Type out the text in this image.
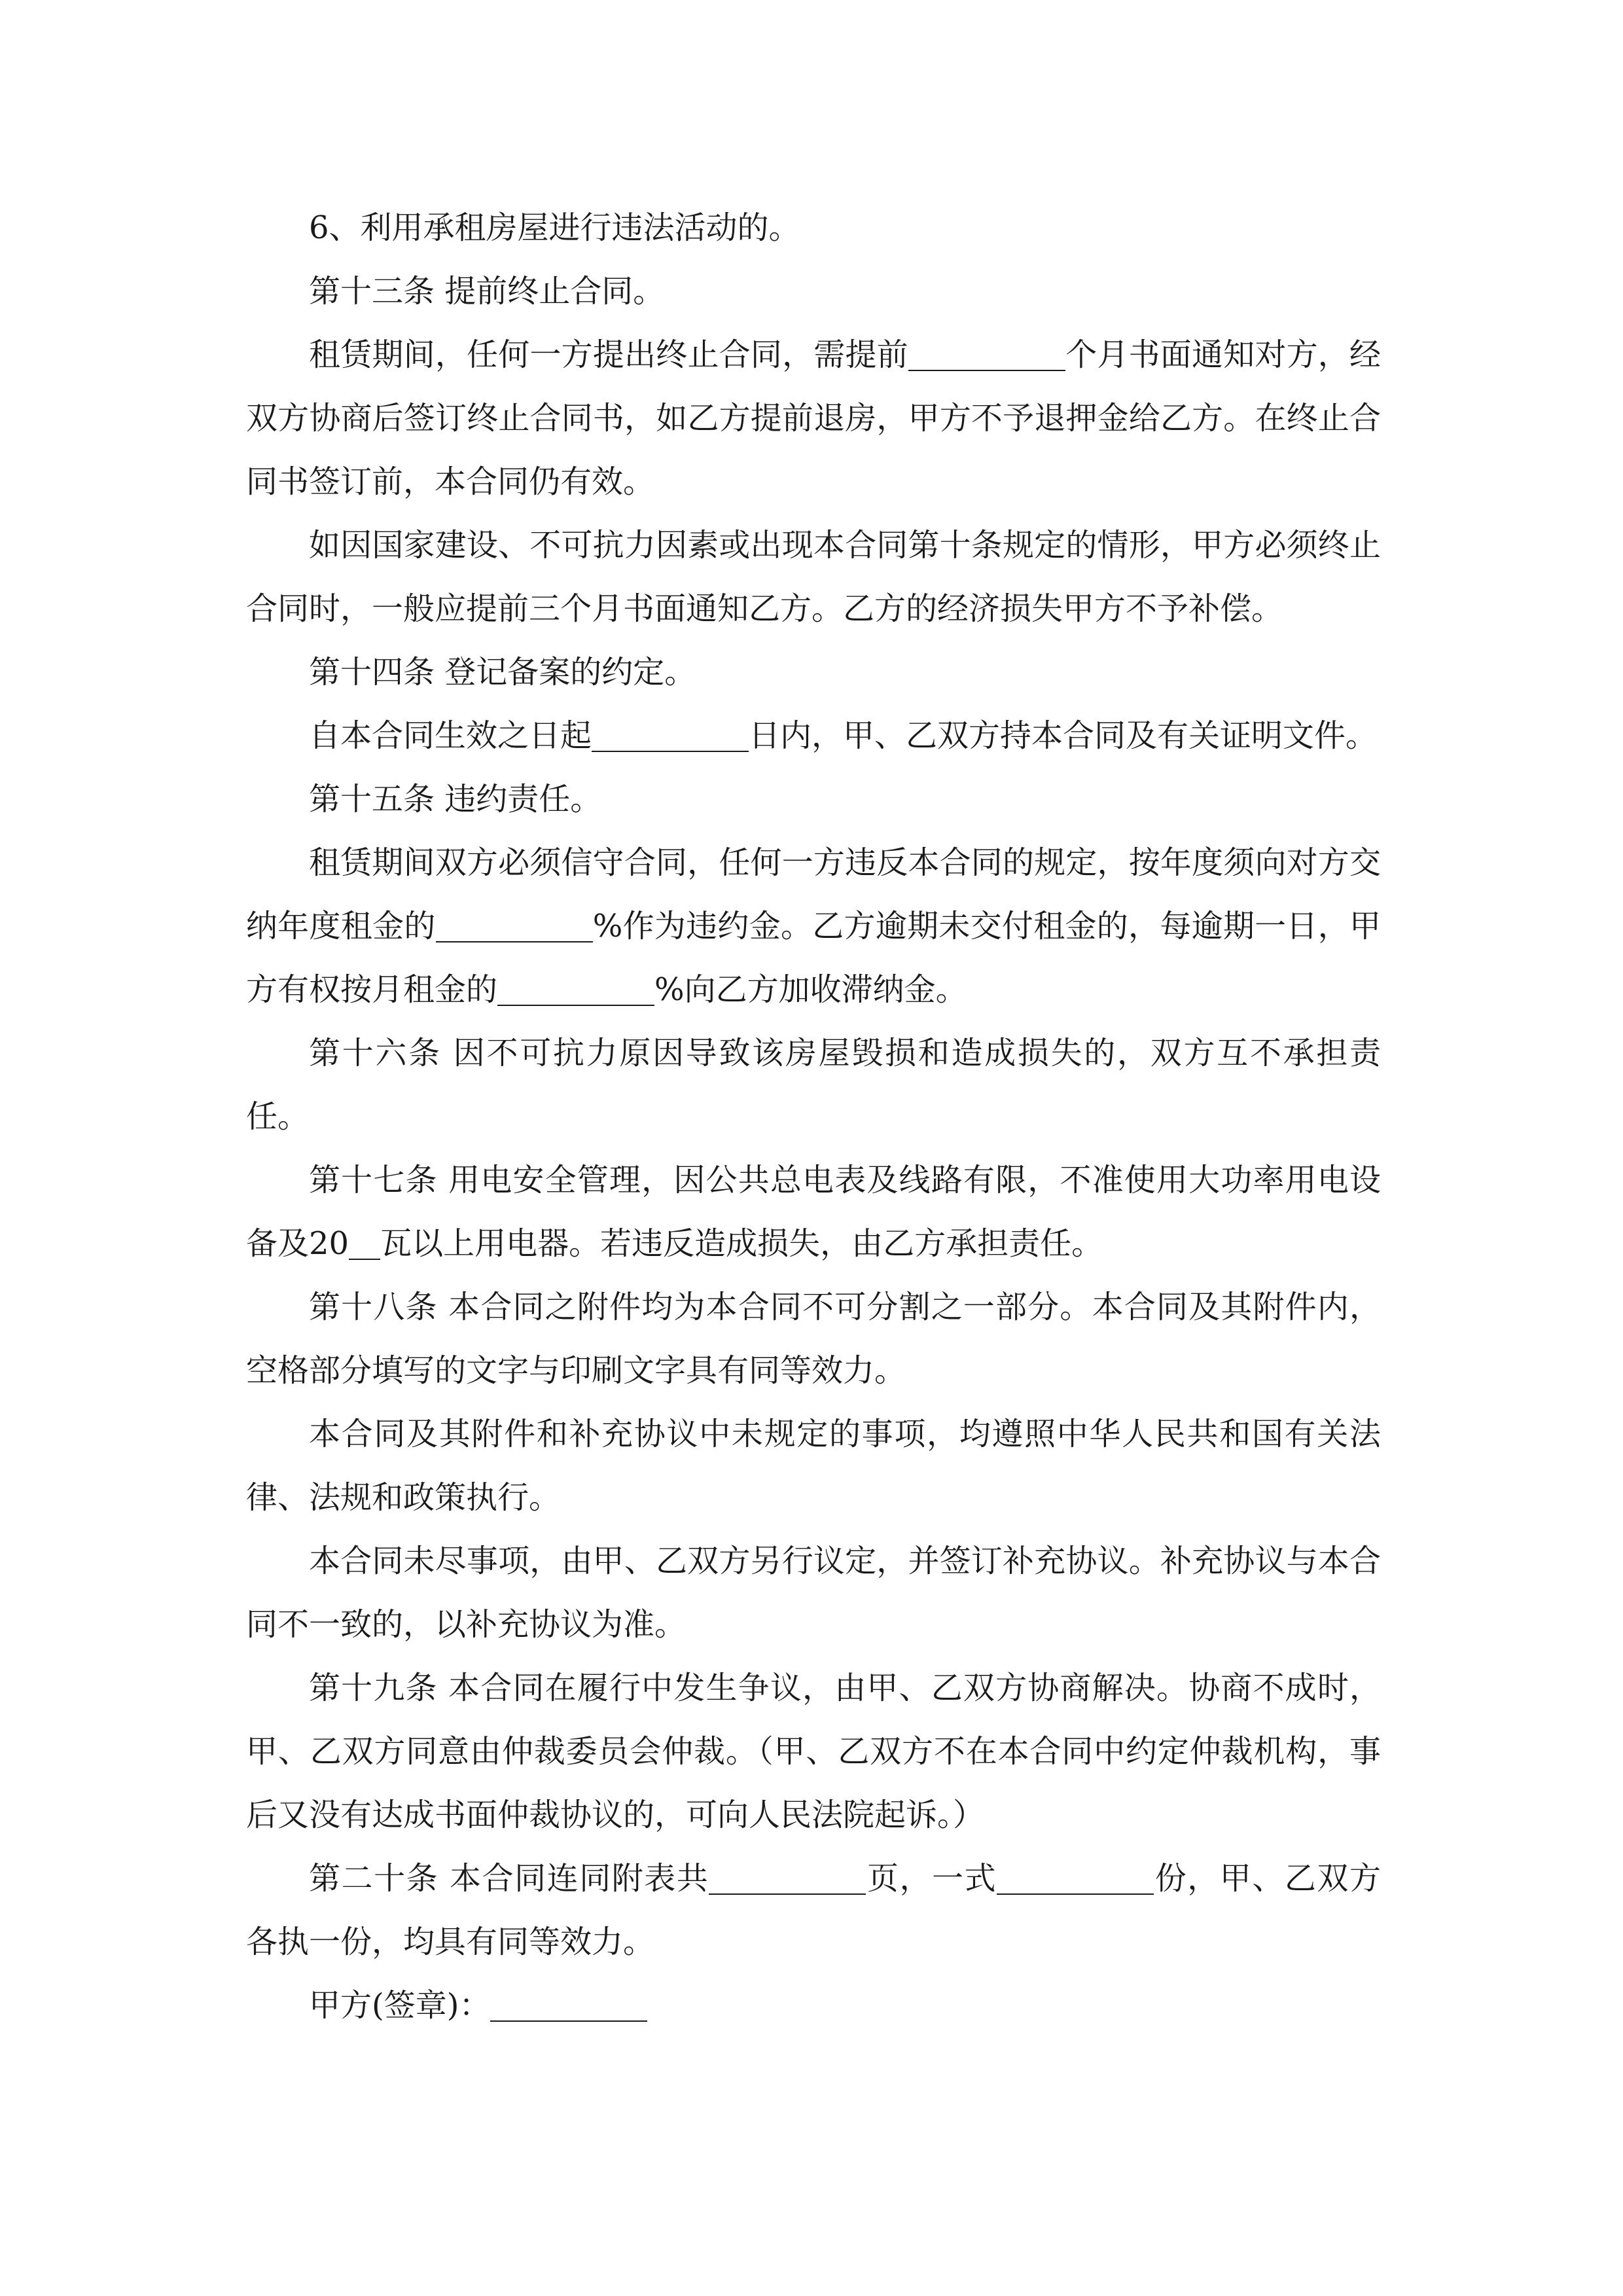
6、利用承租房屋进行违法活动的。

第十三条 提前终止合同。

租赁期间，任何一方提出终止合同，需提前	个月书面通知对方，经双方协商后签订终止合同书，如乙方提前退房，甲方不予退押金给乙方。在终止合同书签订前，本合同仍有效。

如因国家建设、不可抗力因素或出现本合同第十条规定的情形，甲方必须终止合同时，一般应提前三个月书面通知乙方。乙方的经济损失甲方不予补偿。

第十四条 登记备案的约定。

自本合同生效之日起	日内，甲、乙双方持本合同及有关证明文件。

第十五条 违约责任。

租赁期间双方必须信守合同，任何一方违反本合同的规定，按年度须向对方交纳年度租金的	%作为违约金。乙方逾期未交付租金的，每逾期一日，甲方有权按月租金的	%向乙方加收滞纳金。

第十六条 因不可抗力原因导致该房屋毁损和造成损失的，双方互不承担责任。

第十七条 用电安全管理，因公共总电表及线路有限，不准使用大功率用电设备及20 瓦以上用电器。若违反造成损失，由乙方承担责任。

第十八条 本合同之附件均为本合同不可分割之一部分。本合同及其附件内，空格部分填写的文字与印刷文字具有同等效力。

本合同及其附件和补充协议中未规定的事项，均遵照中华人民共和国有关法律、法规和政策执行。

本合同未尽事项，由甲、乙双方另行议定，并签订补充协议。补充协议与本合同不一致的，以补充协议为准。

第十九条 本合同在履行中发生争议，由甲、乙双方协商解决。协商不成时，甲、乙双方同意由仲裁委员会仲裁。（甲、乙双方不在本合同中约定仲裁机构，事后又没有达成书面仲裁协议的，可向人民法院起诉。）

第二十条 本合同连同附表共	页，一式	份，甲、乙双方各执一份，均具有同等效力。

甲方(签章)：
